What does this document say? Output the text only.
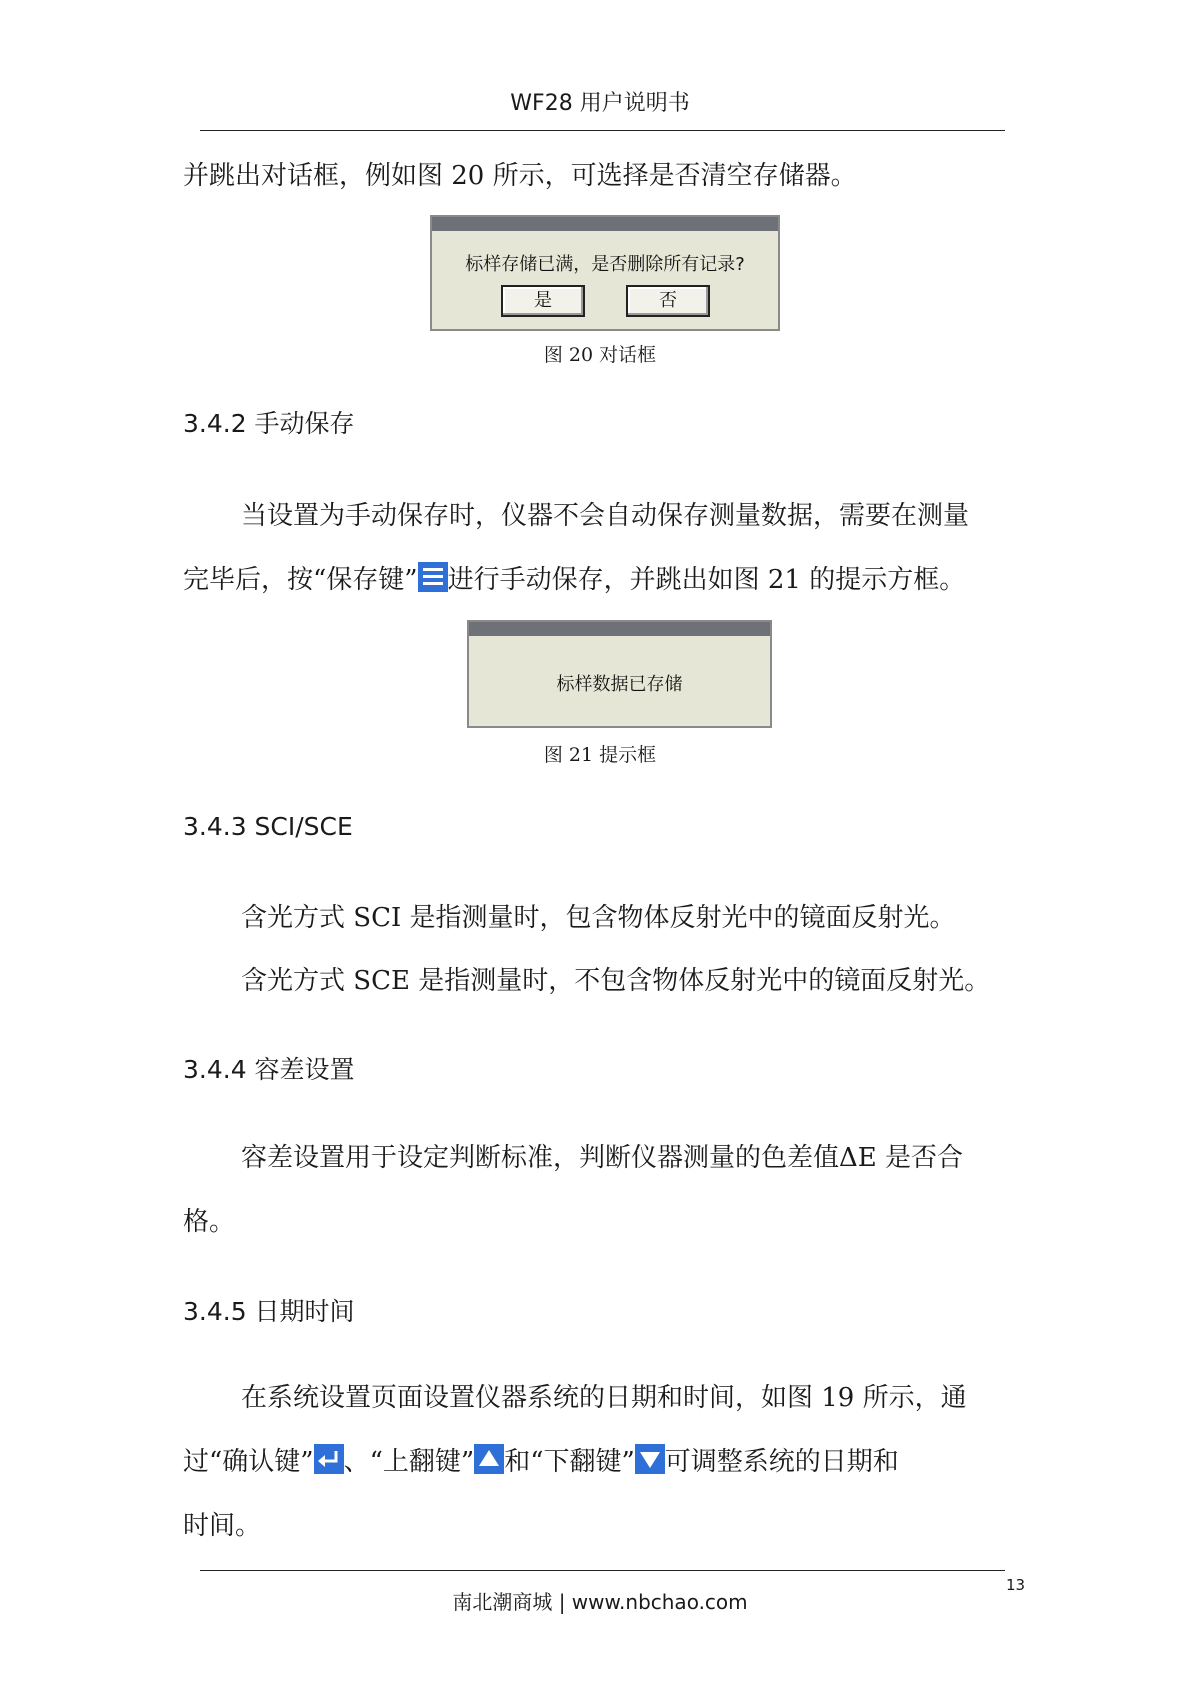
WF28 用户说明书
并跳出对话框，例如图 20 所示，可选择是否清空存储器。
标样存储已满，是否删除所有记录?
是	否
图 20 对话框
3.4.2 手动保存
当设置为手动保存时，仪器不会自动保存测量数据，需要在测量
完毕后，按“保存键” 进行手动保存，并跳出如图 21 的提示方框。
标样数据已存储
图 21 提示框
3.4.3 SCI/SCE
含光方式 SCI 是指测量时，包含物体反射光中的镜面反射光。
含光方式 SCE 是指测量时，不包含物体反射光中的镜面反射光。
3.4.4 容差设置
容差设置用于设定判断标准，判断仪器测量的色差值ΔE 是否合
格。
3.4.5 日期时间
在系统设置页面设置仪器系统的日期和时间，如图 19 所示，通
过“确认键” 、“上翻键” 和“下翻键” 可调整系统的日期和
时间。
南北潮商城 | www.nbchao.com
13
